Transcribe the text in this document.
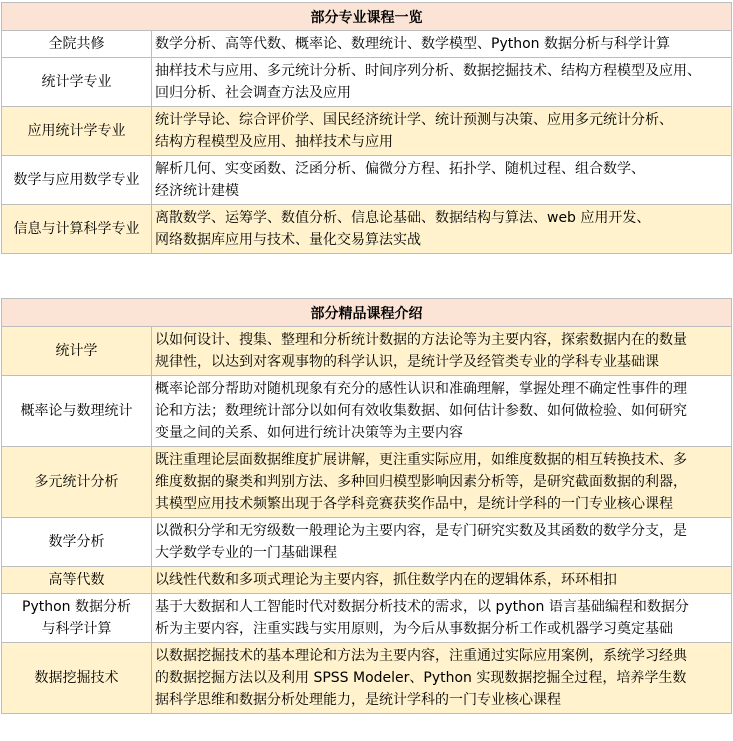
部分专业课程一览	
全院共修	数学分析、高等代数、概率论、数理统计、数学模型、Python 数据分析与科学计算

统计学专业	抽样技术与应用、多元统计分析、时间序列分析、数据挖掘技术、结构方程模型及应用、
回归分析、社会调查方法及应用

应用统计学专业	统计学导论、综合评价学、国民经济统计学、统计预测与决策、应用多元统计分析、
结构方程模型及应用、抽样技术与应用

数学与应用数学专业	解析几何、实变函数、泛函分析、偏微分方程、拓扑学、随机过程、组合数学、
经济统计建模

信息与计算科学专业	离散数学、运筹学、数值分析、信息论基础、数据结构与算法、web 应用开发、
网络数据库应用与技术、量化交易算法实战
部分精品课程介绍	

统计学	以如何设计、搜集、整理和分析统计数据的方法论等为主要内容，探索数据内在的数量
规律性，以达到对客观事物的科学认识，是统计学及经管类专业的学科专业基础课

概率论与数理统计	概率论部分帮助对随机现象有充分的感性认识和准确理解，掌握处理不确定性事件的理
论和方法；数理统计部分以如何有效收集数据、如何估计参数、如何做检验、如何研究
变量之间的关系、如何进行统计决策等为主要内容

多元统计分析	既注重理论层面数据维度扩展讲解，更注重实际应用，如维度数据的相互转换技术、多
维度数据的聚类和判别方法、多种回归模型影响因素分析等，是研究截面数据的利器，
其模型应用技术频繁出现于各学科竞赛获奖作品中，是统计学科的一门专业核心课程

数学分析	以微积分学和无穷级数一般理论为主要内容，是专门研究实数及其函数的数学分支，是
大学数学专业的一门基础课程

高等代数	以线性代数和多项式理论为主要内容，抓住数学内在的逻辑体系，环环相扣

Python 数据分析
与科学计算	基于大数据和人工智能时代对数据分析技术的需求，以 python 语言基础编程和数据分
析为主要内容，注重实践与实用原则，为今后从事数据分析工作或机器学习奠定基础

数据挖掘技术	以数据挖掘技术的基本理论和方法为主要内容，注重通过实际应用案例，系统学习经典
的数据挖掘方法以及利用 SPSS Modeler、Python 实现数据挖掘全过程，培养学生数
据科学思维和数据分析处理能力，是统计学科的一门专业核心课程
